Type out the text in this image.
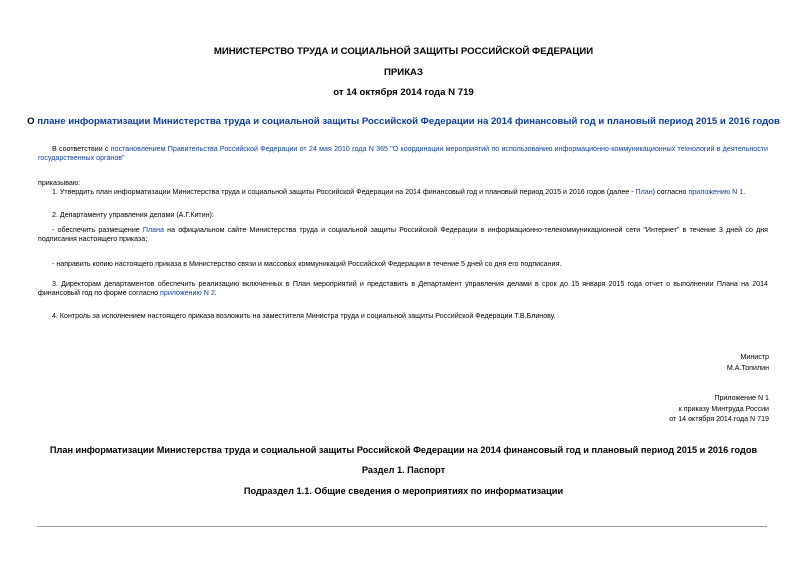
МИНИСТЕРСТВО ТРУДА И СОЦИАЛЬНОЙ ЗАЩИТЫ РОССИЙСКОЙ ФЕДЕРАЦИИ
ПРИКАЗ
от 14 октября 2014 года N 719
О плане информатизации Министерства труда и социальной защиты Российской Федерации на 2014 финансовый год и плановый период 2015 и 2016 годов
В соответствии с постановлением Правительства Российской Федерации от 24 мая 2010 года N 365 "О координации мероприятий по использованию информационно-коммуникационных технологий в деятельности государственных органов"
приказываю:
1. Утвердить план информатизации Министерства труда и социальной защиты Российской Федерации на 2014 финансовый год и плановый период 2015 и 2016 годов (далее - План) согласно приложению N 1.
2. Департаменту управления делами (А.Г.Китин):
- обеспечить размещение Плана на официальном сайте Министерства труда и социальной защиты Российской Федерации в информационно-телекоммуникационной сети "Интернет" в течение 3 дней со дня подписания настоящего приказа;
- направить копию настоящего приказа в Министерство связи и массовых коммуникаций Российской Федерации в течение 5 дней со дня его подписания.
3. Директорам департаментов обеспечить реализацию включенных в План мероприятий и представить в Департамент управления делами в срок до 15 января 2015 года отчет о выполнении Плана на 2014 финансовый год по форме согласно приложению N 2.
4. Контроль за исполнением настоящего приказа возложить на заместителя Министра труда и социальной защиты Российской Федерации Т.В.Блинову.
Министр
М.А.Топилин
Приложение N 1
к приказу Минтруда России
от 14 октября 2014 года N 719
План информатизации Министерства труда и социальной защиты Российской Федерации на 2014 финансовый год и плановый период 2015 и 2016 годов
Раздел 1. Паспорт
Подраздел 1.1. Общие сведения о мероприятиях по информатизации
